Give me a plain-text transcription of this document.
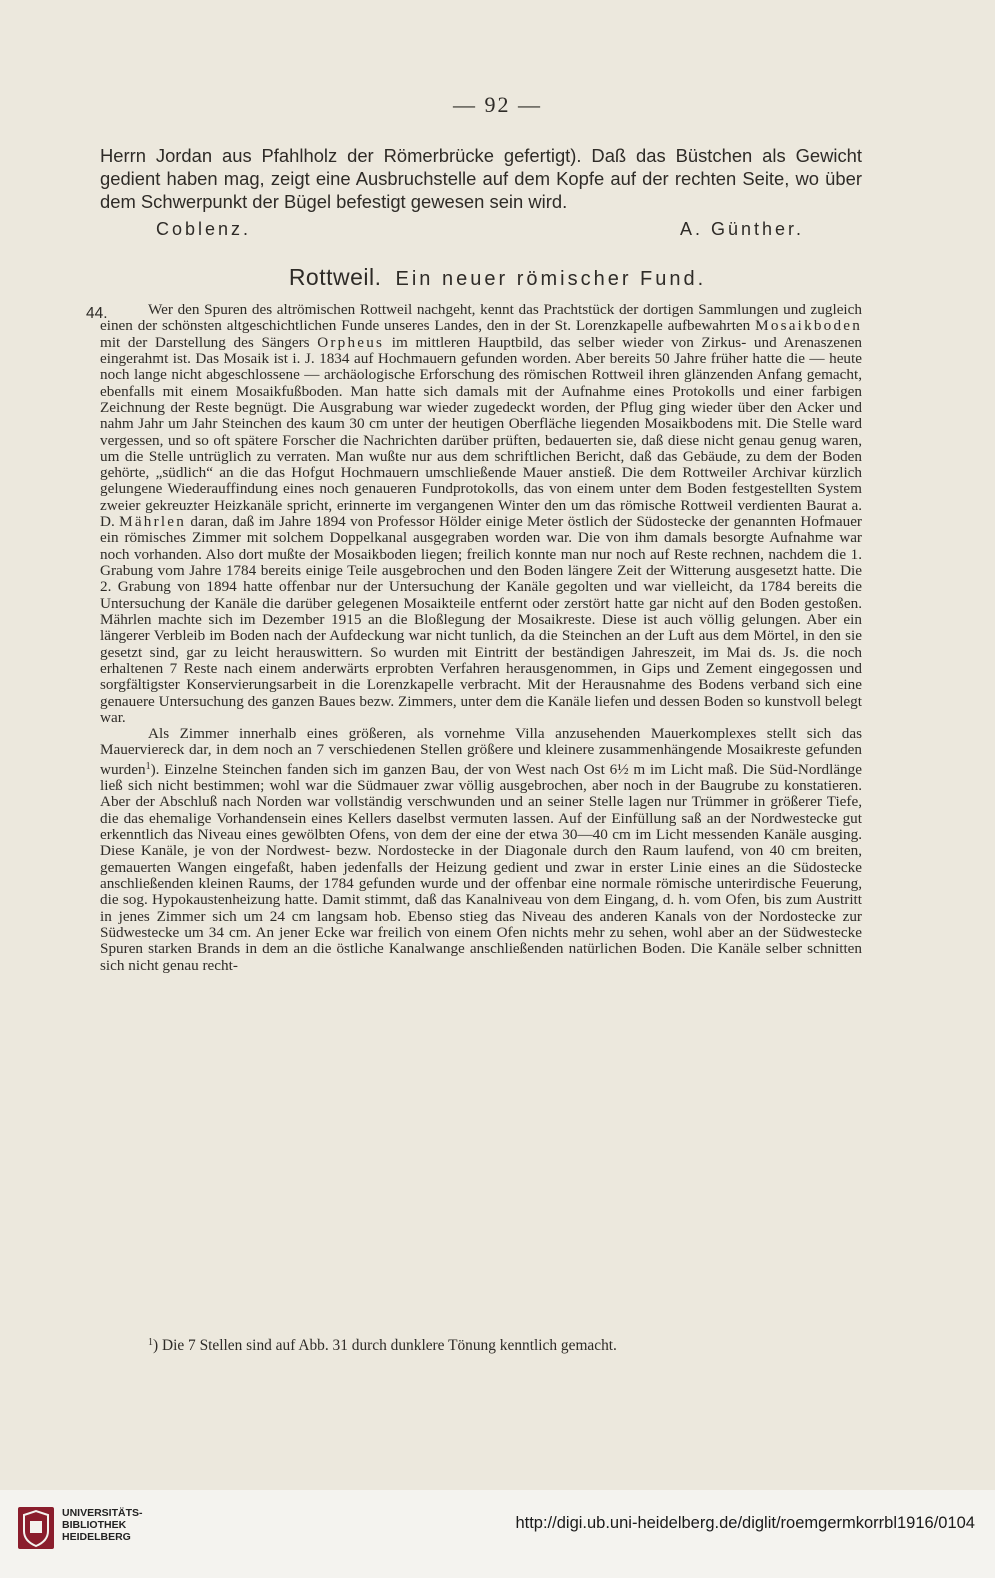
— 92 —

Herrn Jordan aus Pfahlholz der Römerbrücke gefertigt). Daß das Büstchen als Gewicht gedient haben mag, zeigt eine Ausbruchstelle auf dem Kopfe auf der rechten Seite, wo über dem Schwerpunkt der Bügel befestigt gewesen sein wird.

Coblenz.	A. Günther.
Rottweil. Ein neuer römischer Fund.
44.	Wer den Spuren des altrömischen Rottweil nachgeht, kennt das Prachtstück der dortigen Sammlungen und zugleich einen der schönsten altgeschichtlichen Funde unseres Landes, den in der St. Lorenzkapelle aufbewahrten Mosaikboden mit der Darstellung des Sängers Orpheus im mittleren Hauptbild, das selber wieder von Zirkus- und Arenaszenen eingerahmt ist. Das Mosaik ist i. J. 1834 auf Hochmauern gefunden worden. Aber bereits 50 Jahre früher hatte die — heute noch lange nicht abgeschlossene — archäologische Erforschung des römischen Rottweil ihren glänzenden Anfang gemacht, ebenfalls mit einem Mosaikfußboden. Man hatte sich damals mit der Aufnahme eines Protokolls und einer farbigen Zeichnung der Reste begnügt. Die Ausgrabung war wieder zugedeckt worden, der Pflug ging wieder über den Acker und nahm Jahr um Jahr Steinchen des kaum 30 cm unter der heutigen Oberfläche liegenden Mosaikbodens mit. Die Stelle ward vergessen, und so oft spätere Forscher die Nachrichten darüber prüften, bedauerten sie, daß diese nicht genau genug waren, um die Stelle untrüglich zu verraten. Man wußte nur aus dem schriftlichen Bericht, daß das Gebäude, zu dem der Boden gehörte, „südlich“ an die das Hofgut Hochmauern umschließende Mauer anstieß. Die dem Rottweiler Archivar kürzlich gelungene Wiederauffindung eines noch genaueren Fundprotokolls, das von einem unter dem Boden festgestellten System zweier gekreuzter Heizkanäle spricht, erinnerte im vergangenen Winter den um das römische Rottweil verdienten Baurat a. D. Mährlen daran, daß im Jahre 1894 von Professor Hölder einige Meter östlich der Südostecke der genannten Hofmauer ein römisches Zimmer mit solchem Doppelkanal ausgegraben worden war. Die von ihm damals besorgte Aufnahme war noch vorhanden. Also dort mußte der Mosaikboden liegen; freilich konnte man nur noch auf Reste rechnen, nachdem die 1. Grabung vom Jahre 1784 bereits einige Teile ausgebrochen und den Boden längere Zeit der Witterung ausgesetzt hatte. Die 2. Grabung von 1894 hatte offenbar nur der Untersuchung der Kanäle gegolten und war vielleicht, da 1784 bereits die Untersuchung der Kanäle die darüber gelegenen Mosaikteile entfernt oder zerstört hatte gar nicht auf den Boden gestoßen. Mährlen machte sich im Dezember 1915 an die Bloßlegung der Mosaikreste. Diese ist auch völlig gelungen. Aber ein längerer Verbleib im Boden nach der Aufdeckung war nicht tunlich, da die Steinchen an der Luft aus dem Mörtel, in den sie gesetzt sind, gar zu leicht herauswittern. So wurden mit Eintritt der beständigen Jahreszeit, im Mai ds. Js. die noch erhaltenen 7 Reste nach einem anderwärts erprobten Verfahren herausgenommen, in Gips und Zement eingegossen und sorgfältigster Konservierungsarbeit in die Lorenzkapelle verbracht. Mit der Herausnahme des Bodens verband sich eine genauere Untersuchung des ganzen Baues bezw. Zimmers, unter dem die Kanäle liefen und dessen Boden so kunstvoll belegt war.

Als Zimmer innerhalb eines größeren, als vornehme Villa anzusehenden Mauerkomplexes stellt sich das Mauerviereck dar, in dem noch an 7 verschiedenen Stellen größere und kleinere zusammenhängende Mosaikreste gefunden wurden$^1$). Einzelne Steinchen fanden sich im ganzen Bau, der von West nach Ost 6½ m im Licht maß. Die Süd-Nordlänge ließ sich nicht bestimmen; wohl war die Südmauer zwar völlig ausgebrochen, aber noch in der Baugrube zu konstatieren. Aber der Abschluß nach Norden war vollständig verschwunden und an seiner Stelle lagen nur Trümmer in größerer Tiefe, die das ehemalige Vorhandensein eines Kellers daselbst vermuten lassen. Auf der Einfüllung saß an der Nordwestecke gut erkenntlich das Niveau eines gewölbten Ofens, von dem der eine der etwa 30—40 cm im Licht messenden Kanäle ausging. Diese Kanäle, je von der Nordwest- bezw. Nordostecke in der Diagonale durch den Raum laufend, von 40 cm breiten, gemauerten Wangen eingefaßt, haben jedenfalls der Heizung gedient und zwar in erster Linie eines an die Südostecke anschließenden kleinen Raums, der 1784 gefunden wurde und der offenbar eine normale römische unterirdische Feuerung, die sog. Hypokaustenheizung hatte. Damit stimmt, daß das Kanalniveau von dem Eingang, d. h. vom Ofen, bis zum Austritt in jenes Zimmer sich um 24 cm langsam hob. Ebenso stieg das Niveau des anderen Kanals von der Nordostecke zur Südwestecke um 34 cm. An jener Ecke war freilich von einem Ofen nichts mehr zu sehen, wohl aber an der Südwestecke Spuren starken Brands in dem an die östliche Kanalwange anschließenden natürlichen Boden. Die Kanäle selber schnitten sich nicht genau recht-

$^1$) Die 7 Stellen sind auf Abb. 31 durch dunklere Tönung kenntlich gemacht.
UNIVERSITÄTS-
BIBLIOTHEK
HEIDELBERG
http://digi.ub.uni-heidelberg.de/diglit/roemgermkorrbl1916/0104
